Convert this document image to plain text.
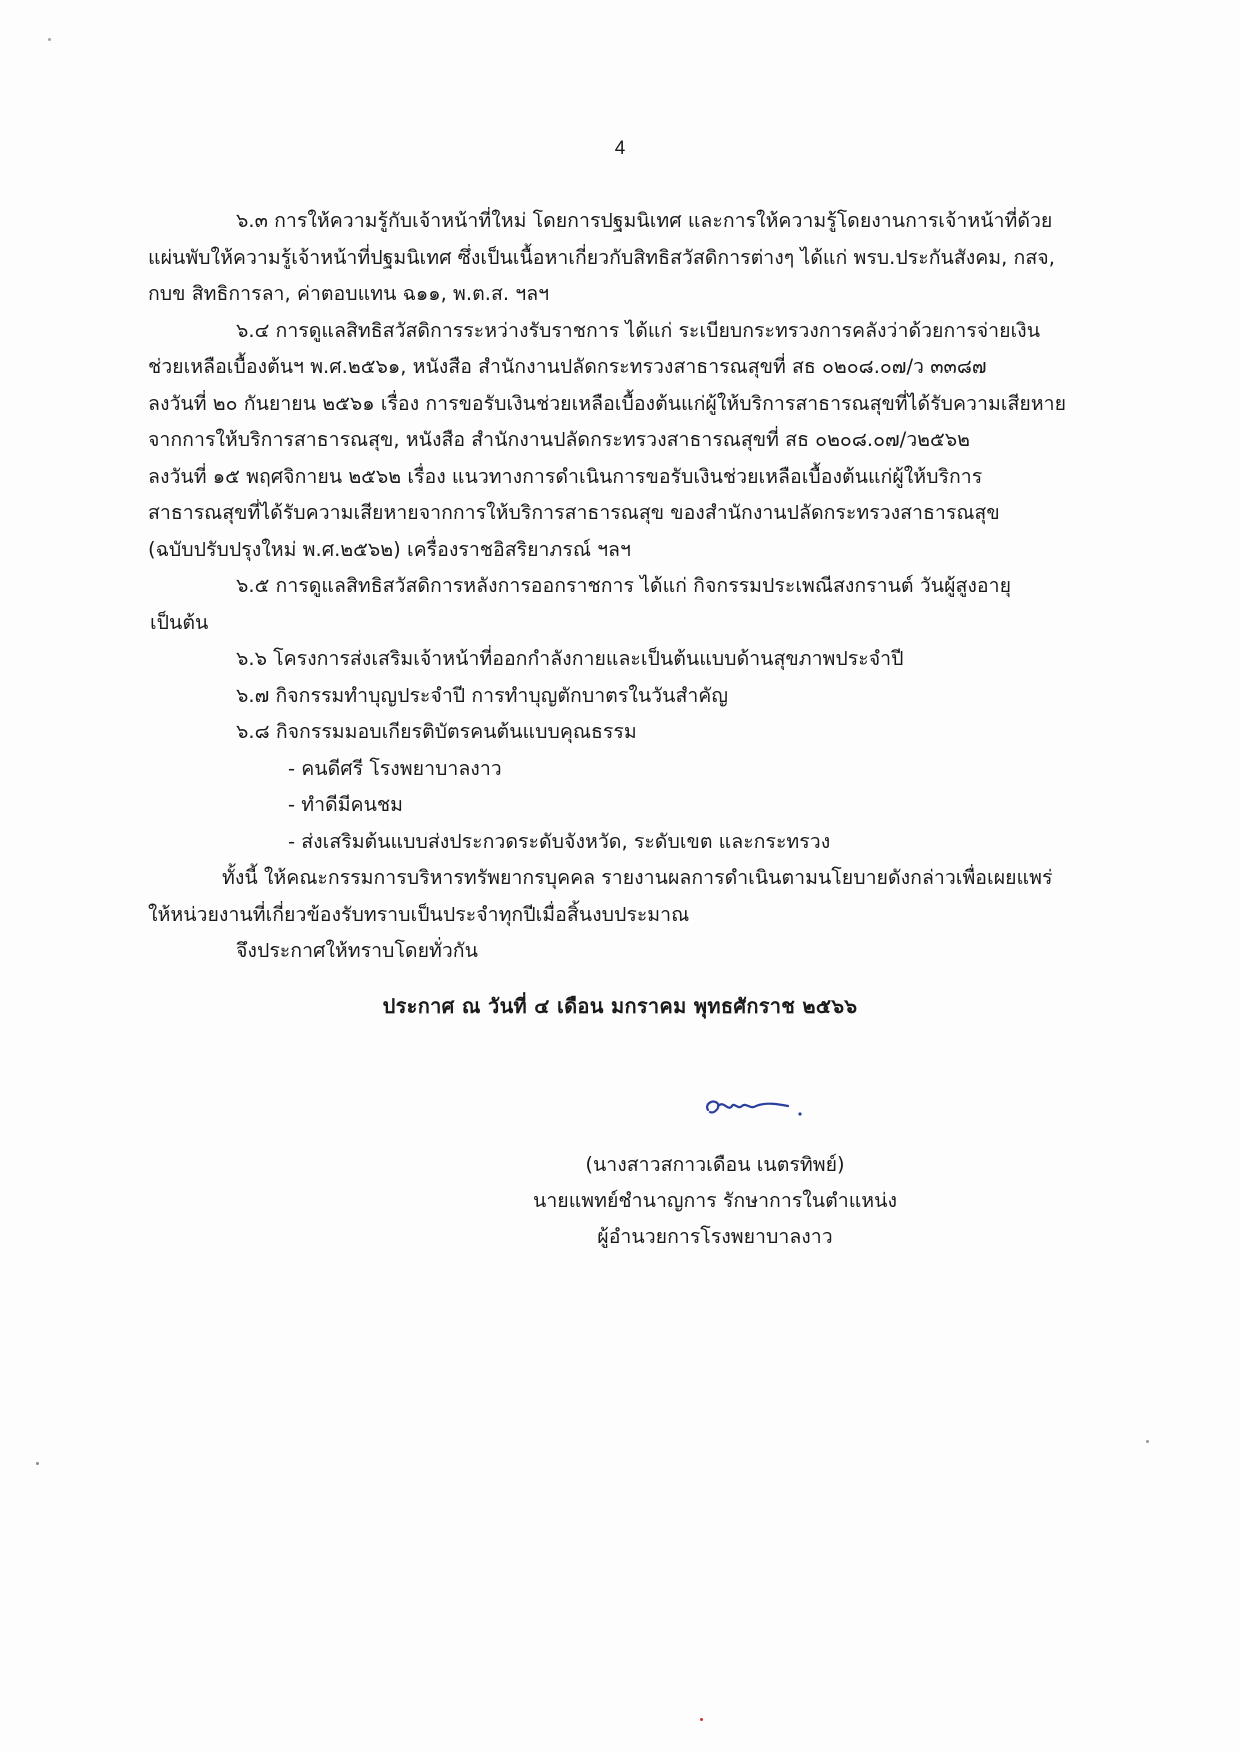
4

๖.๓ การให้ความรู้กับเจ้าหน้าที่ใหม่ โดยการปฐมนิเทศ และการให้ความรู้โดยงานการเจ้าหน้าที่ด้วย

แผ่นพับให้ความรู้เจ้าหน้าที่ปฐมนิเทศ ซึ่งเป็นเนื้อหาเกี่ยวกับสิทธิสวัสดิการต่างๆ ได้แก่ พรบ.ประกันสังคม, กสจ,

กบข สิทธิการลา, ค่าตอบแทน ฉ๑๑, พ.ต.ส. ฯลฯ

๖.๔ การดูแลสิทธิสวัสดิการระหว่างรับราชการ ได้แก่ ระเบียบกระทรวงการคลังว่าด้วยการจ่ายเงิน

ช่วยเหลือเบื้องต้นฯ พ.ศ.๒๕๖๑, หนังสือ สำนักงานปลัดกระทรวงสาธารณสุขที่ สธ ๐๒๐๘.๐๗/ว ๓๓๘๗

ลงวันที่ ๒๐ กันยายน ๒๕๖๑ เรื่อง การขอรับเงินช่วยเหลือเบื้องต้นแก่ผู้ให้บริการสาธารณสุขที่ได้รับความเสียหาย

จากการให้บริการสาธารณสุข, หนังสือ สำนักงานปลัดกระทรวงสาธารณสุขที่ สธ ๐๒๐๘.๐๗/ว๒๕๖๒

ลงวันที่ ๑๕ พฤศจิกายน ๒๕๖๒ เรื่อง แนวทางการดำเนินการขอรับเงินช่วยเหลือเบื้องต้นแก่ผู้ให้บริการ

สาธารณสุขที่ได้รับความเสียหายจากการให้บริการสาธารณสุข ของสำนักงานปลัดกระทรวงสาธารณสุข

(ฉบับปรับปรุงใหม่ พ.ศ.๒๕๖๒) เครื่องราชอิสริยาภรณ์ ฯลฯ

๖.๕ การดูแลสิทธิสวัสดิการหลังการออกราชการ ได้แก่ กิจกรรมประเพณีสงกรานต์ วันผู้สูงอายุ

เป็นต้น

๖.๖ โครงการส่งเสริมเจ้าหน้าที่ออกกำลังกายและเป็นต้นแบบด้านสุขภาพประจำปี

๖.๗ กิจกรรมทำบุญประจำปี การทำบุญตักบาตรในวันสำคัญ

๖.๘ กิจกรรมมอบเกียรติบัตรคนต้นแบบคุณธรรม

- คนดีศรี โรงพยาบาลงาว

- ทำดีมีคนชม

- ส่งเสริมต้นแบบส่งประกวดระดับจังหวัด, ระดับเขต และกระทรวง

ทั้งนี้ ให้คณะกรรมการบริหารทรัพยากรบุคคล รายงานผลการดำเนินตามนโยบายดังกล่าวเพื่อเผยแพร่

ให้หน่วยงานที่เกี่ยวข้องรับทราบเป็นประจำทุกปีเมื่อสิ้นงบประมาณ

จึงประกาศให้ทราบโดยทั่วกัน

ประกาศ ณ วันที่ ๔ เดือน มกราคม พุทธศักราช ๒๕๖๖
(นางสาวสกาวเดือน เนตรทิพย์)
นายแพทย์ชำนาญการ รักษาการในตำแหน่ง
ผู้อำนวยการโรงพยาบาลงาว
